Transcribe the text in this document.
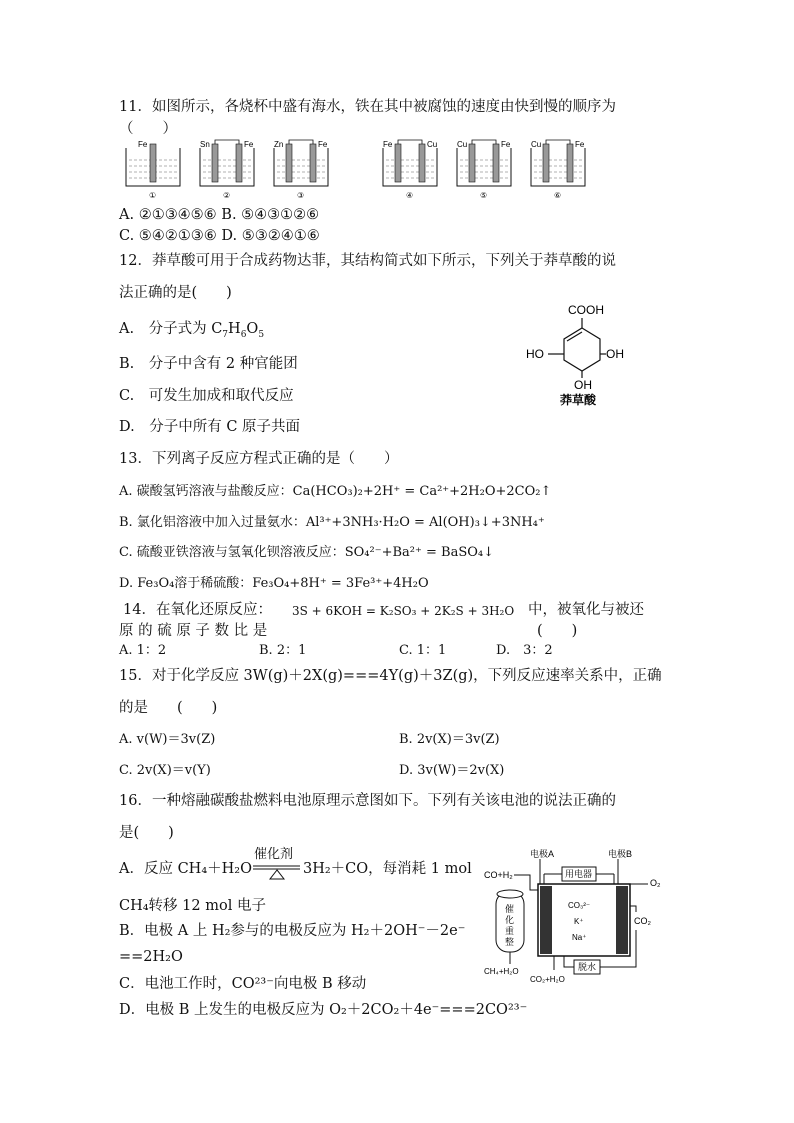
11．如图所示，各烧杯中盛有海水，铁在其中被腐蚀的速度由快到慢的顺序为
（　　）
Fe
①
Sn	Fe
②
Zn	Fe
③
Fe	Cu
④
Cu	Fe
⑤
Cu	Fe
⑥
A. ②①③④⑤⑥ B. ⑤④③①②⑥
C. ⑤④②①③⑥ D. ⑤③②④①⑥
12．莽草酸可用于合成药物达菲，其结构简式如下所示，下列关于莽草酸的说
法正确的是(　　)
A.　分子式为 $C_7H_6O_5$
B.　分子中含有 2 种官能团
C.　可发生加成和取代反应
D.　分子中所有 C 原子共面
COOH
HO	OH
OH
莽草酸
13．下列离子反应方程式正确的是（　　）
A. 碳酸氢钙溶液与盐酸反应：Ca(HCO₃)₂+2H⁺ = Ca²⁺+2H₂O+2CO₂↑
B. 氯化铝溶液中加入过量氨水：Al³⁺+3NH₃·H₂O = Al(OH)₃↓+3NH₄⁺
C. 硫酸亚铁溶液与氢氧化钡溶液反应：SO₄²⁻+Ba²⁺ = BaSO₄↓
D. Fe₃O₄溶于稀硫酸：Fe₃O₄+8H⁺ = 3Fe³⁺+4H₂O
14．在氧化还原反应： 3S + 6KOH = K₂SO₃ + 2K₂S + 3H₂O 中，被氧化与被还
原 的 硫 原 子 数 比 是	(　　)
A. 1：2	B. 2：1	C. 1：1	D.　3：2
15．对于化学反应 3W(g)＋2X(g)===4Y(g)＋3Z(g)，下列反应速率关系中，正确
的是　　(　　)
A. v(W)＝3v(Z)	B. 2v(X)＝3v(Z)
C. 2v(X)＝v(Y)	D. 3v(W)＝2v(X)
16．一种熔融碳酸盐燃料电池原理示意图如下。下列有关该电池的说法正确的
是(　　)
A．反应 CH₄＋H₂O
催化剂
⇌ 3H₂＋CO，每消耗 1 mol
CH₄转移 12 mol 电子
B．电极 A 上 H₂参与的电极反应为 H₂＋2OH⁻－2e⁻
==2H₂O
C．电池工作时，CO²³⁻向电极 B 移动
D．电极 B 上发生的电极反应为 O₂＋2CO₂＋4e⁻===2CO²³⁻
电极A	电极B
用电器
CO+H₂
O₂
CO₂
CO₃²⁻
K⁺
Na⁺
催
化
重
整
CH₄+H₂O
CO₂+H₂O
脱水
